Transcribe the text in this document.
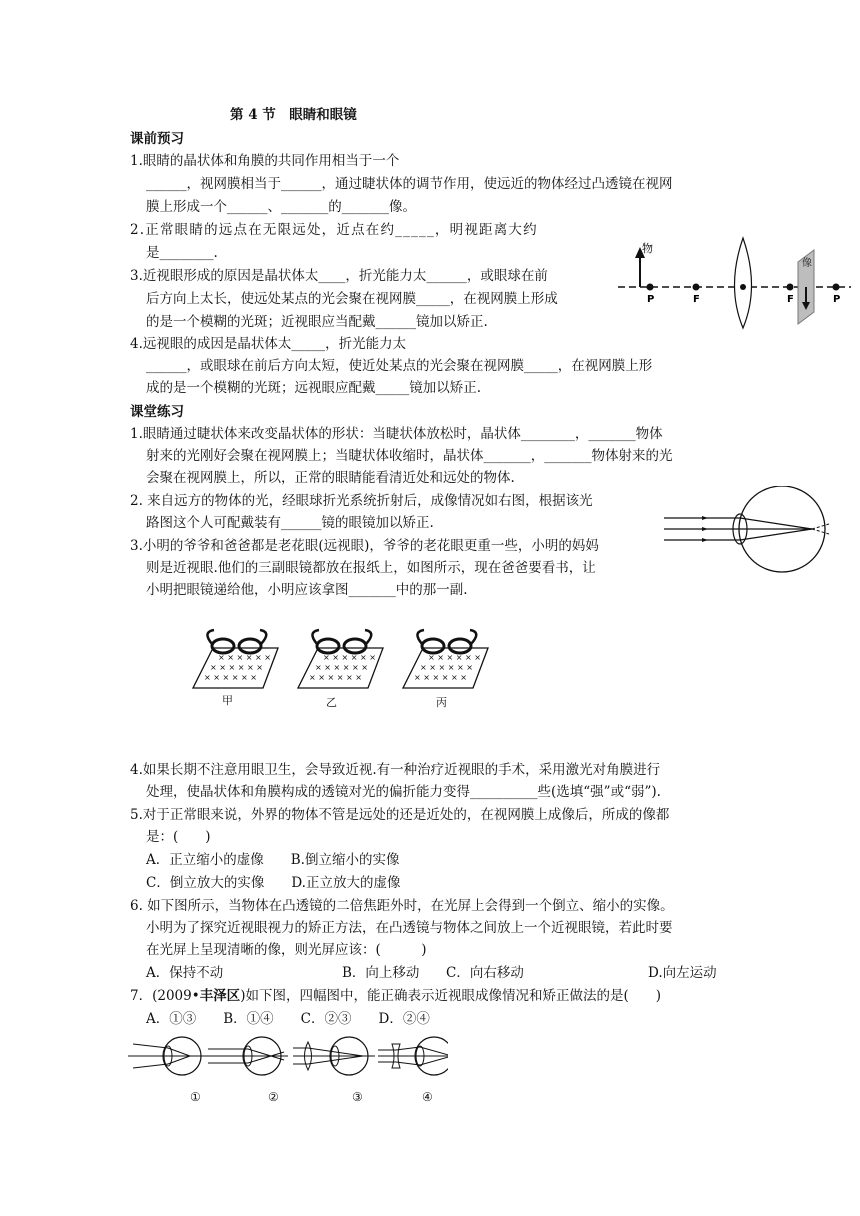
第 4 节　眼睛和眼镜
课前预习
1.眼睛的晶状体和角膜的共同作用相当于一个
______，视网膜相当于______，通过睫状体的调节作用，使远近的物体经过凸透镜在视网
膜上形成一个______、_______的_______像。
2.正常眼睛的远点在无限远处，近点在约_____，明视距离大约
是________.
3.近视眼形成的原因是晶状体太____，折光能力太______，或眼球在前
后方向上太长，使远处某点的光会聚在视网膜_____，在视网膜上形成
的是一个模糊的光斑；近视眼应当配戴______镜加以矫正.
4.远视眼的成因是晶状体太_____，折光能力太
______，或眼球在前后方向太短，使近处某点的光会聚在视网膜_____，在视网膜上形
成的是一个模糊的光斑；远视眼应配戴_____镜加以矫正.
物
P	F	F
像
P
课堂练习
1.眼睛通过睫状体来改变晶状体的形状：当睫状体放松时，晶状体________，_______物体
射来的光刚好会聚在视网膜上；当睫状体收缩时，晶状体_______，_______物体射来的光
会聚在视网膜上，所以，正常的眼睛能看清近处和远处的物体.
2. 来自远方的物体的光，经眼球折光系统折射后，成像情况如右图，根据该光
路图这个人可配戴装有______镜的眼镜加以矫正.
3.小明的爷爷和爸爸都是老花眼(远视眼)，爷爷的老花眼更重一些，小明的妈妈
则是近视眼.他们的三副眼镜都放在报纸上，如图所示，现在爸爸要看书，让
小明把眼镜递给他，小明应该拿图_______中的那一副.
× × × × × ×
× × × × × ×
× × × × × ×
× × × × × ×
× × × × × ×
× × × × × ×
× × × × × ×
× × × × × ×
× × × × × ×
甲	乙	丙
4.如果长期不注意用眼卫生，会导致近视.有一种治疗近视眼的手术，采用激光对角膜进行
处理，使晶状体和角膜构成的透镜对光的偏折能力变得__________些(选填“强”或“弱”).
5.对于正常眼来说，外界的物体不管是远处的还是近处的，在视网膜上成像后，所成的像都
是：(　　)
A．正立缩小的虚像　　B.倒立缩小的实像
C．倒立放大的实像　　D.正立放大的虚像
6. 如下图所示，当物体在凸透镜的二倍焦距外时，在光屏上会得到一个倒立、缩小的实像。
小明为了探究近视眼视力的矫正方法，在凸透镜与物体之间放上一个近视眼镜，若此时要
在光屏上呈现清晰的像，则光屏应该：(　　　)
A．保持不动	B．向上移动 C．向右移动	D.向左运动
7．(2009•丰泽区)如下图，四幅图中，能正确表示近视眼成像情况和矫正做法的是(　　)
A．①③　　B．①④　　C．②③　　D．②④
①	②	③	④
